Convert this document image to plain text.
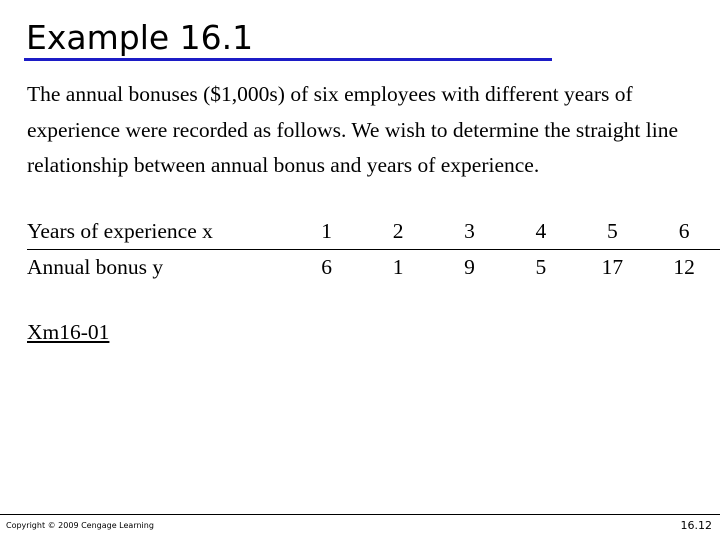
Example 16.1
The annual bonuses ($1,000s) of six employees with different years of experience were recorded as follows. We wish to determine the straight line relationship between annual bonus and years of experience.
Years of experience x	1	2	3	4	5	6
Annual bonus y	6	1	9	5	17	12
Xm16-01
Copyright © 2009 Cengage Learning	16.12
